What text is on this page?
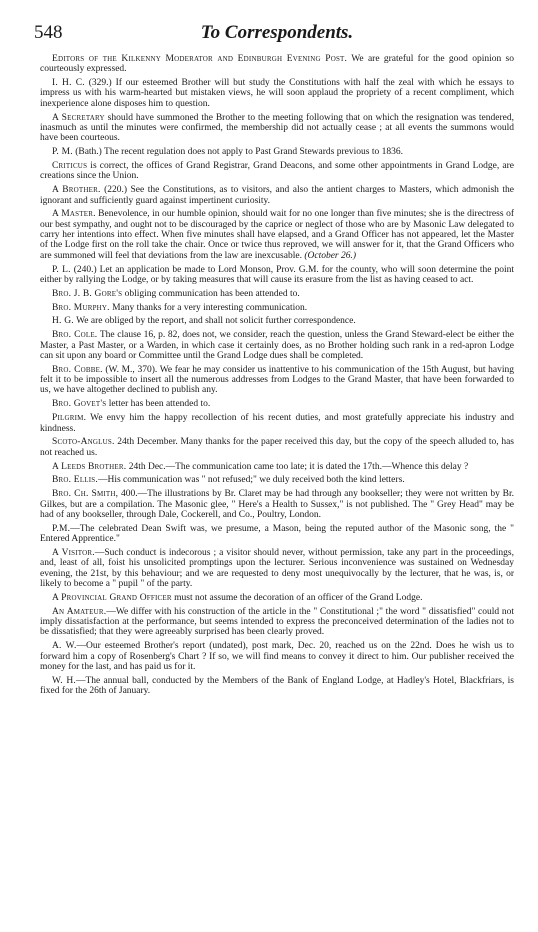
548	To Correspondents.

Editors of the Kilkenny Moderator and Edinburgh Evening Post. We are grateful for the good opinion so courteously expressed.

I. H. C. (329.) If our esteemed Brother will but study the Constitutions with half the zeal with which he essays to impress us with his warm-hearted but mistaken views, he will soon applaud the propriety of a recent compliment, which inexperience alone disposes him to question.

A Secretary should have summoned the Brother to the meeting following that on which the resignation was tendered, inasmuch as until the minutes were confirmed, the membership did not actually cease ; at all events the summons would have been courteous.

P. M. (Bath.) The recent regulation does not apply to Past Grand Stewards previous to 1836.

Criticus is correct, the offices of Grand Registrar, Grand Deacons, and some other appointments in Grand Lodge, are creations since the Union.

A Brother. (220.) See the Constitutions, as to visitors, and also the antient charges to Masters, which admonish the ignorant and sufficiently guard against impertinent curiosity.

A Master. Benevolence, in our humble opinion, should wait for no one longer than five minutes; she is the directress of our best sympathy, and ought not to be discouraged by the caprice or neglect of those who are by Masonic Law delegated to carry her intentions into effect. When five minutes shall have elapsed, and a Grand Officer has not appeared, let the Master of the Lodge first on the roll take the chair. Once or twice thus reproved, we will answer for it, that the Grand Officers who are summoned will feel that deviations from the law are inexcusable. (October 26.)

P. L. (240.) Let an application be made to Lord Monson, Prov. G.M. for the county, who will soon determine the point either by rallying the Lodge, or by taking measures that will cause its erasure from the list as having ceased to act.

Bro. J. B. Gore's obliging communication has been attended to.

Bro. Murphy. Many thanks for a very interesting communication.

H. G. We are obliged by the report, and shall not solicit further correspondence.

Bro. Cole. The clause 16, p. 82, does not, we consider, reach the question, unless the Grand Steward-elect be either the Master, a Past Master, or a Warden, in which case it certainly does, as no Brother holding such rank in a red-apron Lodge can sit upon any board or Committee until the Grand Lodge dues shall be completed.

Bro. Cobbe. (W. M., 370). We fear he may consider us inattentive to his communication of the 15th August, but having felt it to be impossible to insert all the numerous addresses from Lodges to the Grand Master, that have been forwarded to us, we have altogether declined to publish any.

Bro. Govet's letter has been attended to.

Pilgrim. We envy him the happy recollection of his recent duties, and most gratefully appreciate his industry and kindness.

Scoto-Anglus. 24th December. Many thanks for the paper received this day, but the copy of the speech alluded to, has not reached us.

A Leeds Brother. 24th Dec.—The communication came too late; it is dated the 17th.—Whence this delay ?

Bro. Ellis.—His communication was " not refused;" we duly received both the kind letters.

Bro. Ch. Smith, 400.—The illustrations by Br. Claret may be had through any bookseller; they were not written by Br. Gilkes, but are a compilation. The Masonic glee, " Here's a Health to Sussex," is not published. The " Grey Head" may be had of any bookseller, through Dale, Cockerell, and Co., Poultry, London.

P.M.—The celebrated Dean Swift was, we presume, a Mason, being the reputed author of the Masonic song, the " Entered Apprentice."

A Visitor.—Such conduct is indecorous ; a visitor should never, without permission, take any part in the proceedings, and, least of all, foist his unsolicited promptings upon the lecturer. Serious inconvenience was sustained on Wednesday evening, the 21st, by this behaviour; and we are requested to deny most unequivocally by the lecturer, that he was, is, or likely to become a " pupil " of the party.

A Provincial Grand Officer must not assume the decoration of an officer of the Grand Lodge.

An Amateur.—We differ with his construction of the article in the " Constitutional ;" the word " dissatisfied" could not imply dissatisfaction at the performance, but seems intended to express the preconceived determination of the ladies not to be dissatisfied; that they were agreeably surprised has been clearly proved.

A. W.—Our esteemed Brother's report (undated), post mark, Dec. 20, reached us on the 22nd. Does he wish us to forward him a copy of Rosenberg's Chart ? If so, we will find means to convey it direct to him. Our publisher received the money for the last, and has paid us for it.

W. H.—The annual ball, conducted by the Members of the Bank of England Lodge, at Hadley's Hotel, Blackfriars, is fixed for the 26th of January.
